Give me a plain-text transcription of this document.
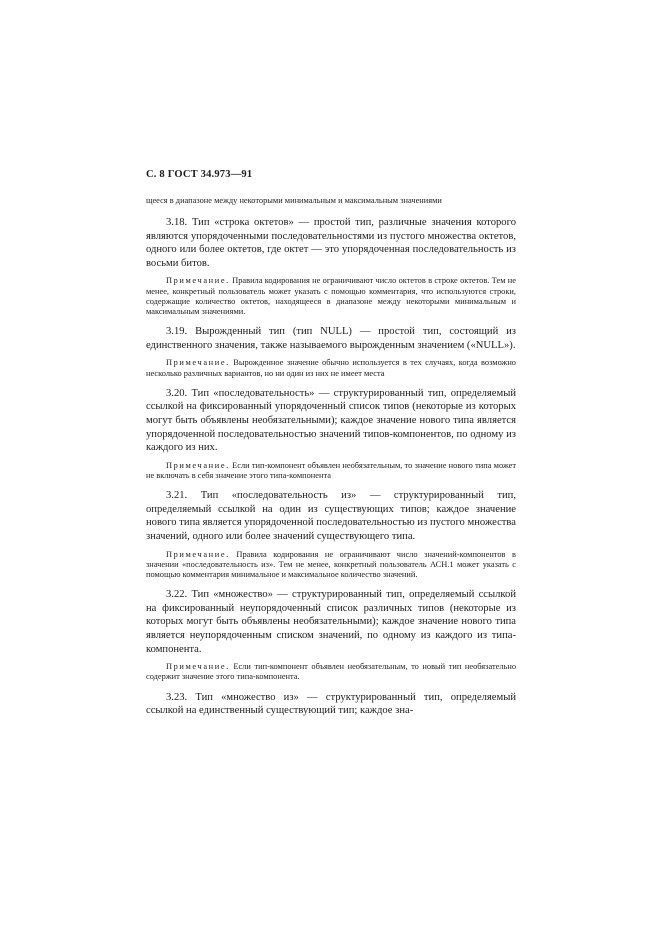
С. 8 ГОСТ 34.973—91
щееся в диапазоне между некоторыми минимальным и максимальным значениями

3.18. Тип «строка октетов» — простой тип, различные значения которого являются упорядоченными последовательностями из пустого множества октетов, одного или более октетов, где октет — это упорядоченная последовательность из восьми битов.

Примечание. Правила кодирования не ограничивают число октетов в строке октетов. Тем не менее, конкретный пользователь может указать с помощью комментария, что используются строки, содержащие количество октетов, находящееся в диапазоне между некоторыми минимальным и максимальным значениями.

3.19. Вырожденный тип (тип NULL) — простой тип, состоящий из единственного значения, также называемого вырожденным значением («NULL»).

Примечание. Вырожденное значение обычно используется в тех случаях, когда возможно несколько различных вариантов, но ни один из них не имеет места

3.20. Тип «последовательность» — структурированный тип, определяемый ссылкой на фиксированный упорядоченный список типов (некоторые из которых могут быть объявлены необязательными); каждое значение нового типа является упорядоченной последовательностью значений типов-компонентов, по одному из каждого из них.

Примечание. Если тип-компонент объявлен необязательным, то значение нового типа может не включать в себя значение этого типа-компонента

3.21. Тип «последовательность из» — структурированный тип, определяемый ссылкой на один из существующих типов; каждое значение нового типа является упорядоченной последовательностью из пустого множества значений, одного или более значений существующего типа.

Примечание. Правила кодирования не ограничивают число значений-компонентов в значении «последовательность из». Тем не менее, конкретный пользователь АСН.1 может указать с помощью комментария минимальное и максимальное количество значений.

3.22. Тип «множество» — структурированный тип, определяемый ссылкой на фиксированный неупорядоченный список различных типов (некоторые из которых могут быть объявлены необязательными); каждое значение нового типа является неупорядоченным списком значений, по одному из каждого из типа-компонента.

Примечание. Если тип-компонент объявлен необязательным, то новый тип необязательно содержит значение этого типа-компонента.

3.23. Тип «множество из» — структурированный тип, определяемый ссылкой на единственный существующий тип; каждое зна-
